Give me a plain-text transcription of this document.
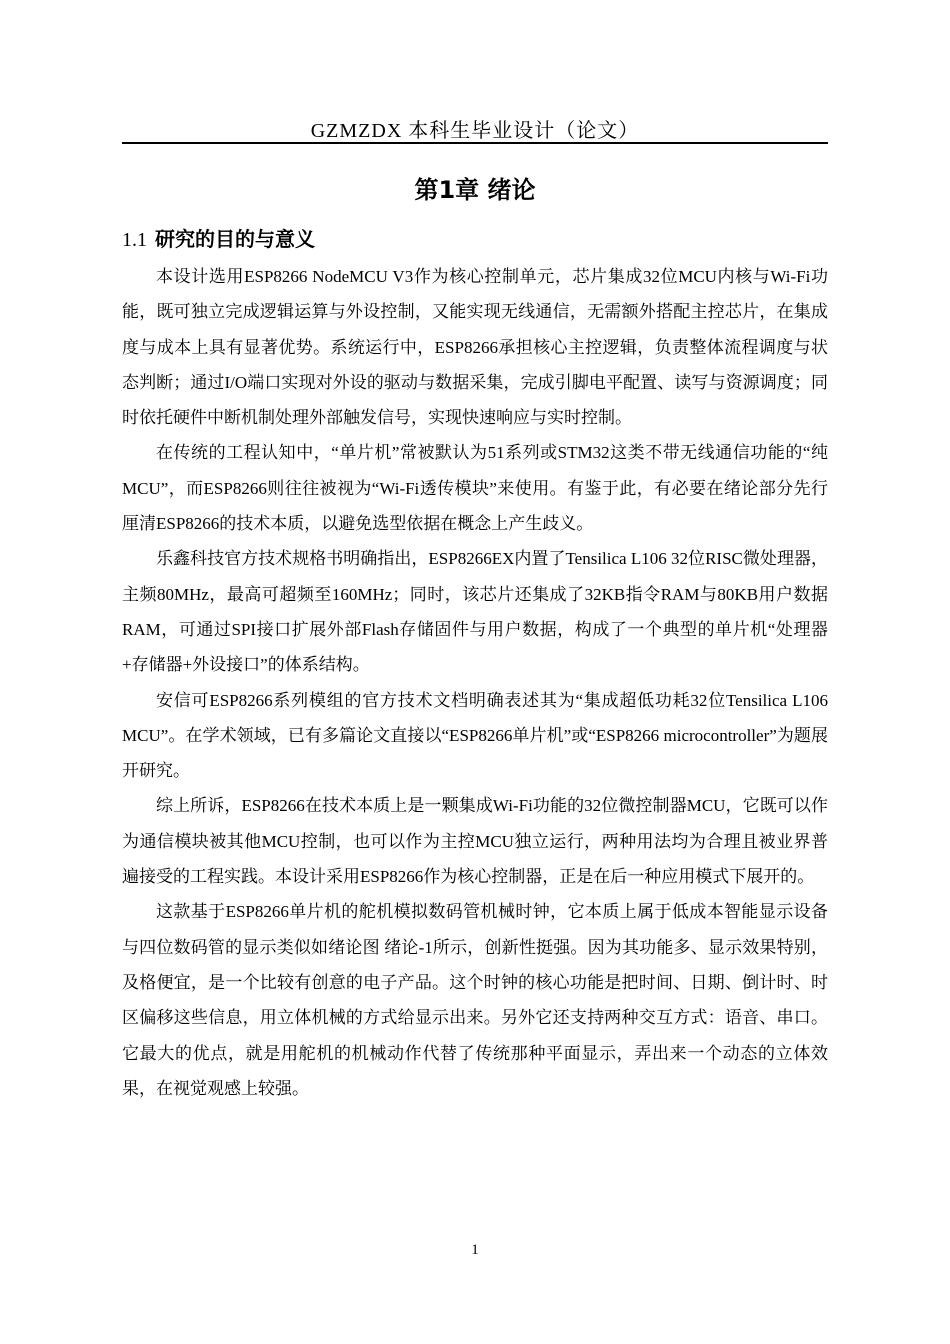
GZMZDX 本科生毕业设计（论文）
第1章 绪论
1.1 研究的目的与意义

本设计选用ESP8266 NodeMCU V3作为核心控制单元，芯片集成32位MCU内核与Wi-Fi功能，既可独立完成逻辑运算与外设控制，又能实现无线通信，无需额外搭配主控芯片，在集成度与成本上具有显著优势。系统运行中，ESP8266承担核心主控逻辑，负责整体流程调度与状态判断；通过I/O端口实现对外设的驱动与数据采集，完成引脚电平配置、读写与资源调度；同时依托硬件中断机制处理外部触发信号，实现快速响应与实时控制。

在传统的工程认知中，“单片机”常被默认为51系列或STM32这类不带无线通信功能的“纯MCU”，而ESP8266则往往被视为“Wi-Fi透传模块”来使用。有鉴于此，有必要在绪论部分先行厘清ESP8266的技术本质，以避免选型依据在概念上产生歧义。

乐鑫科技官方技术规格书明确指出，ESP8266EX内置了Tensilica L106 32位RISC微处理器，主频80MHz，最高可超频至160MHz；同时，该芯片还集成了32KB指令RAM与80KB用户数据RAM，可通过SPI接口扩展外部Flash存储固件与用户数据，构成了一个典型的单片机“处理器+存储器+外设接口”的体系结构。

安信可ESP8266系列模组的官方技术文档明确表述其为“集成超低功耗32位Tensilica L106 MCU”。在学术领域，已有多篇论文直接以“ESP8266单片机”或“ESP8266 microcontroller”为题展开研究。

综上所诉，ESP8266在技术本质上是一颗集成Wi-Fi功能的32位微控制器MCU，它既可以作为通信模块被其他MCU控制，也可以作为主控MCU独立运行，两种用法均为合理且被业界普遍接受的工程实践。本设计采用ESP8266作为核心控制器，正是在后一种应用模式下展开的。

这款基于ESP8266单片机的舵机模拟数码管机械时钟，它本质上属于低成本智能显示设备与四位数码管的显示类似如绪论图 绪论-1所示，创新性挺强。因为其功能多、显示效果特别，及格便宜，是一个比较有创意的电子产品。这个时钟的核心功能是把时间、日期、倒计时、时区偏移这些信息，用立体机械的方式给显示出来。另外它还支持两种交互方式：语音、串口。它最大的优点，就是用舵机的机械动作代替了传统那种平面显示，弄出来一个动态的立体效果，在视觉观感上较强。

1
